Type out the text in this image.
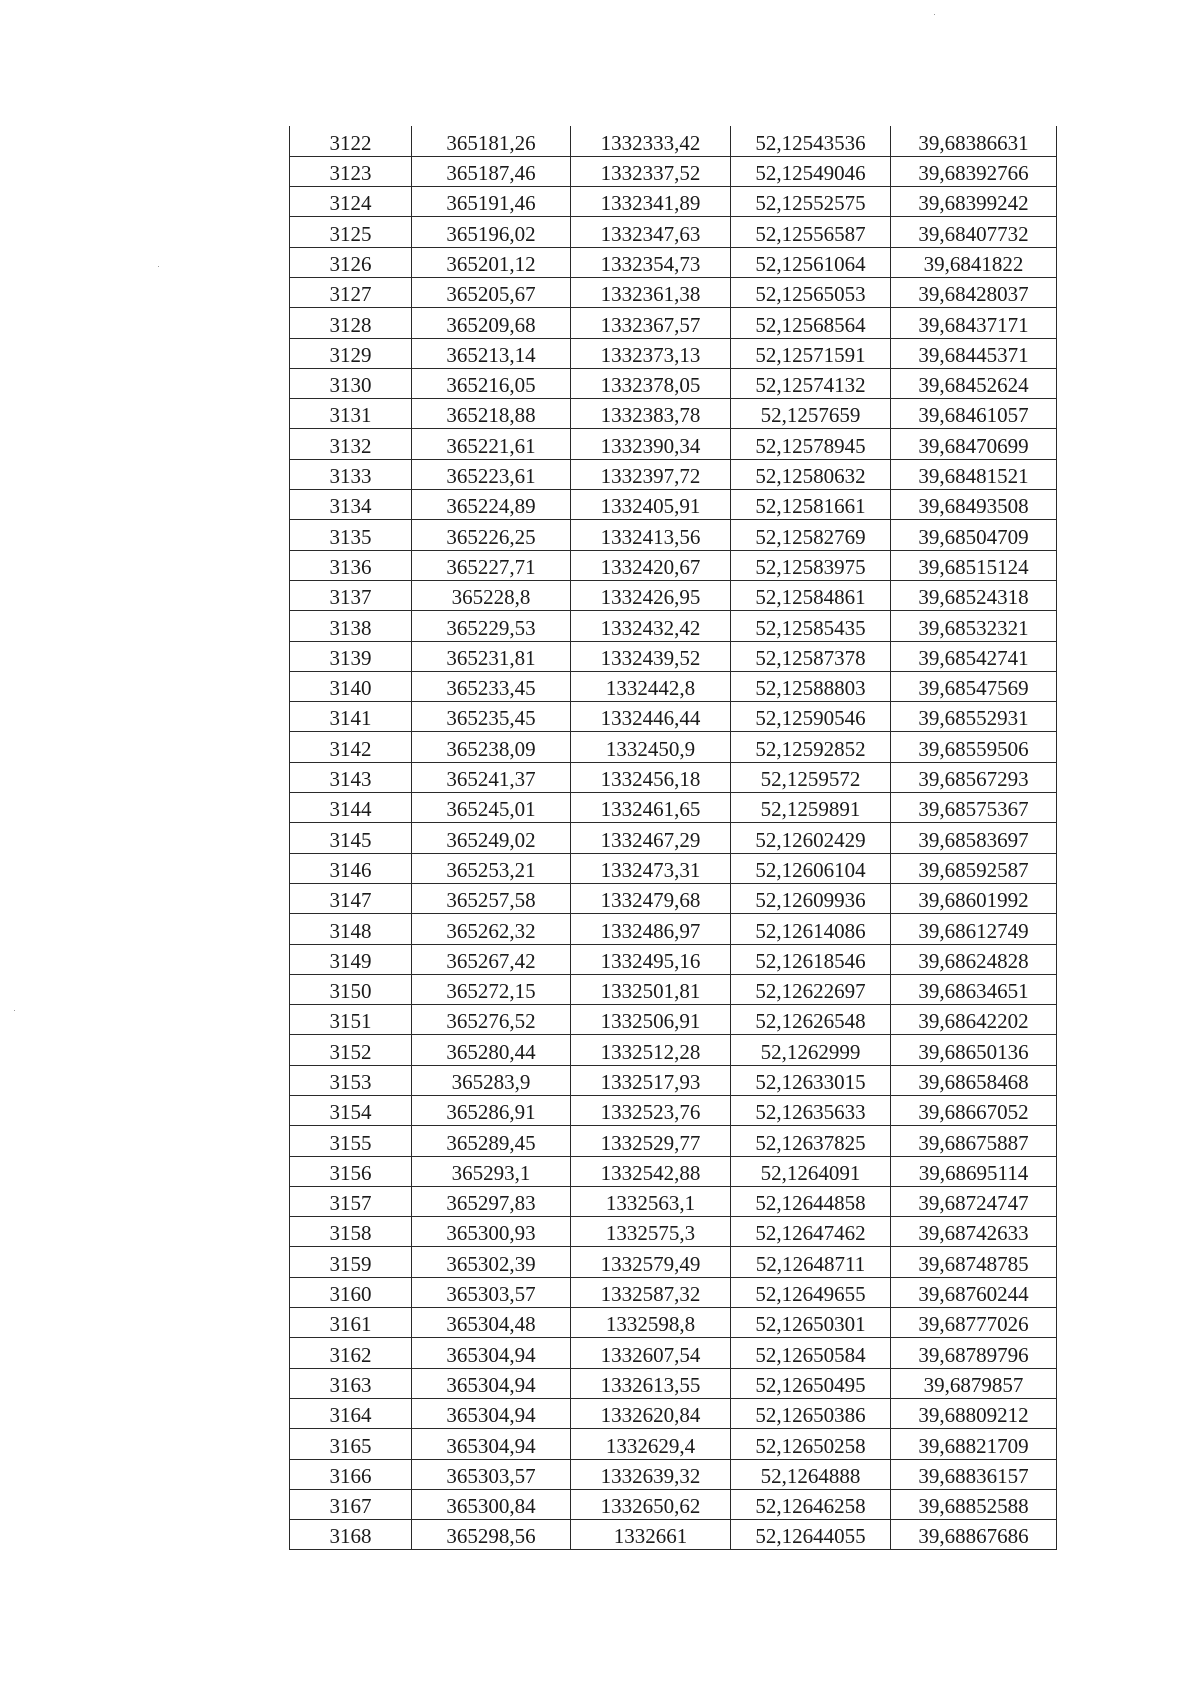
3122	365181,26	1332333,42	52,12543536	39,68386631
3123	365187,46	1332337,52	52,12549046	39,68392766
3124	365191,46	1332341,89	52,12552575	39,68399242
3125	365196,02	1332347,63	52,12556587	39,68407732
3126	365201,12	1332354,73	52,12561064	39,6841822
3127	365205,67	1332361,38	52,12565053	39,68428037
3128	365209,68	1332367,57	52,12568564	39,68437171
3129	365213,14	1332373,13	52,12571591	39,68445371
3130	365216,05	1332378,05	52,12574132	39,68452624
3131	365218,88	1332383,78	52,1257659	39,68461057
3132	365221,61	1332390,34	52,12578945	39,68470699
3133	365223,61	1332397,72	52,12580632	39,68481521
3134	365224,89	1332405,91	52,12581661	39,68493508
3135	365226,25	1332413,56	52,12582769	39,68504709
3136	365227,71	1332420,67	52,12583975	39,68515124
3137	365228,8	1332426,95	52,12584861	39,68524318
3138	365229,53	1332432,42	52,12585435	39,68532321
3139	365231,81	1332439,52	52,12587378	39,68542741
3140	365233,45	1332442,8	52,12588803	39,68547569
3141	365235,45	1332446,44	52,12590546	39,68552931
3142	365238,09	1332450,9	52,12592852	39,68559506
3143	365241,37	1332456,18	52,1259572	39,68567293
3144	365245,01	1332461,65	52,1259891	39,68575367
3145	365249,02	1332467,29	52,12602429	39,68583697
3146	365253,21	1332473,31	52,12606104	39,68592587
3147	365257,58	1332479,68	52,12609936	39,68601992
3148	365262,32	1332486,97	52,12614086	39,68612749
3149	365267,42	1332495,16	52,12618546	39,68624828
3150	365272,15	1332501,81	52,12622697	39,68634651
3151	365276,52	1332506,91	52,12626548	39,68642202
3152	365280,44	1332512,28	52,1262999	39,68650136
3153	365283,9	1332517,93	52,12633015	39,68658468
3154	365286,91	1332523,76	52,12635633	39,68667052
3155	365289,45	1332529,77	52,12637825	39,68675887
3156	365293,1	1332542,88	52,1264091	39,68695114
3157	365297,83	1332563,1	52,12644858	39,68724747
3158	365300,93	1332575,3	52,12647462	39,68742633
3159	365302,39	1332579,49	52,12648711	39,68748785
3160	365303,57	1332587,32	52,12649655	39,68760244
3161	365304,48	1332598,8	52,12650301	39,68777026
3162	365304,94	1332607,54	52,12650584	39,68789796
3163	365304,94	1332613,55	52,12650495	39,6879857
3164	365304,94	1332620,84	52,12650386	39,68809212
3165	365304,94	1332629,4	52,12650258	39,68821709
3166	365303,57	1332639,32	52,1264888	39,68836157
3167	365300,84	1332650,62	52,12646258	39,68852588
3168	365298,56	1332661	52,12644055	39,68867686
